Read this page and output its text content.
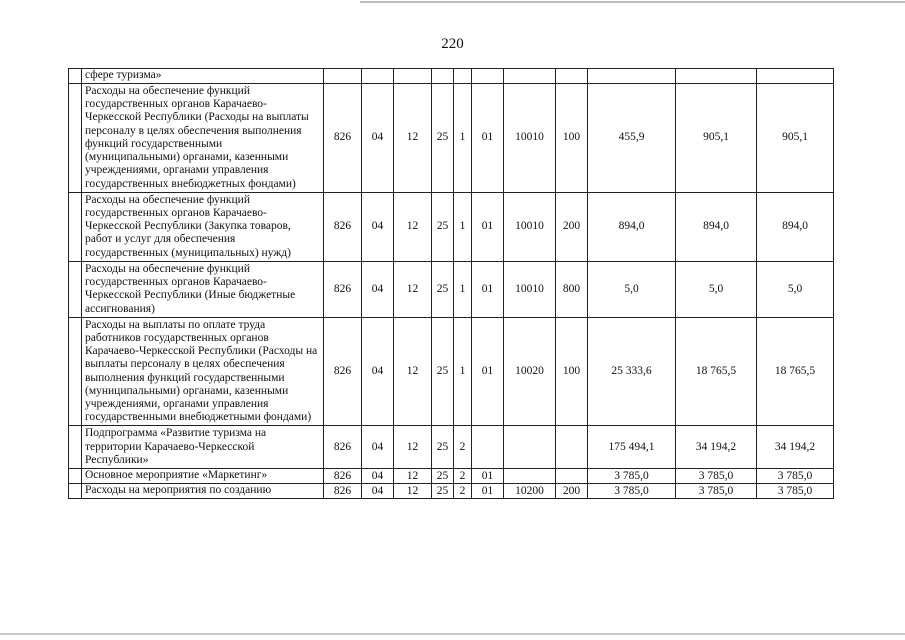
220
	сфере туризма»											
	Расходы на обеспечение функций государственных органов Карачаево-Черкесской Республики (Расходы на выплаты персоналу в целях обеспечения выполнения функций государственными (муниципальными) органами, казенными учреждениями, органами управления государственных внебюджетных фондами)	826	04	12	25	1	01	10010	100	455,9	905,1	905,1
	Расходы на обеспечение функций государственных органов Карачаево-Черкесской Республики (Закупка товаров, работ и услуг для обеспечения государственных (муниципальных) нужд)	826	04	12	25	1	01	10010	200	894,0	894,0	894,0
	Расходы на обеспечение функций государственных органов Карачаево-Черкесской Республики (Иные бюджетные ассигнования)	826	04	12	25	1	01	10010	800	5,0	5,0	5,0
	Расходы на выплаты по оплате труда работников государственных органов Карачаево-Черкесской Республики (Расходы на выплаты персоналу в целях обеспечения выполнения функций государственными (муниципальными) органами, казенными учреждениями, органами управления государственными внебюджетными фондами)	826	04	12	25	1	01	10020	100	25 333,6	18 765,5	18 765,5
	Подпрограмма «Развитие туризма на территории Карачаево-Черкесской Республики»	826	04	12	25	2				175 494,1	34 194,2	34 194,2
	Основное мероприятие «Маркетинг»	826	04	12	25	2	01			3 785,0	3 785,0	3 785,0
	Расходы на мероприятия по созданию	826	04	12	25	2	01	10200	200	3 785,0	3 785,0	3 785,0
